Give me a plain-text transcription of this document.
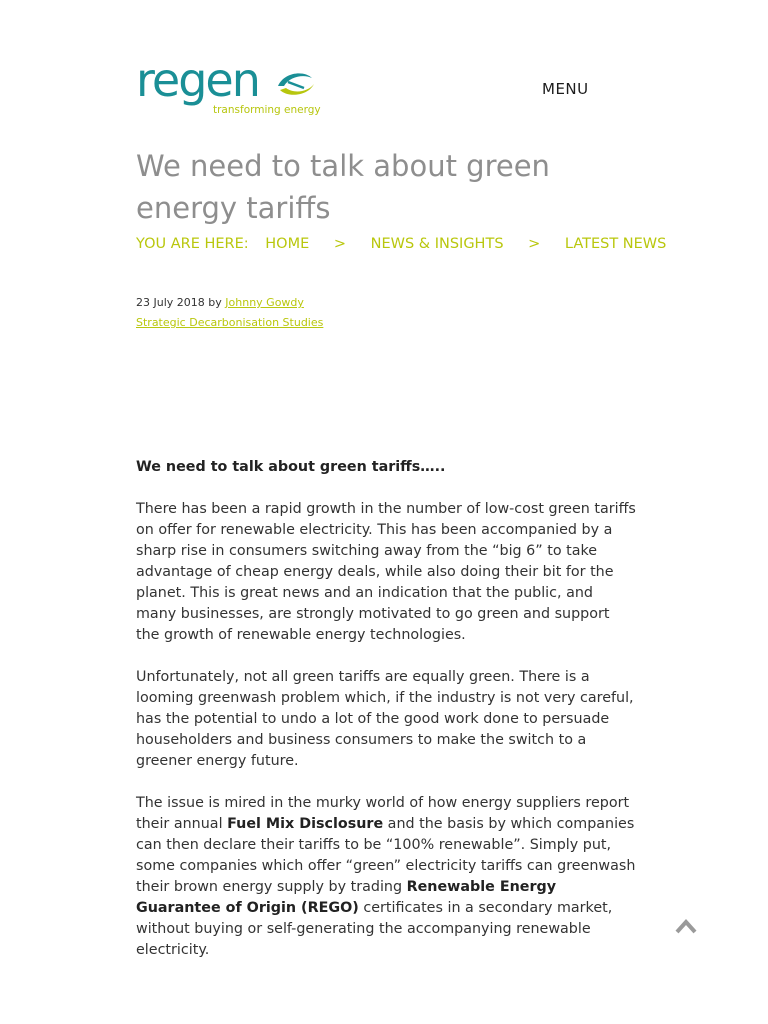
regen
transforming energy
MENU
We need to talk about green energy tariffs
YOU ARE HERE: HOME > NEWS & INSIGHTS > LATEST NEWS
23 July 2018 by Johnny Gowdy
Strategic Decarbonisation Studies

We need to talk about green tariffs…..

There has been a rapid growth in the number of low-cost green tariffs on offer for renewable electricity. This has been accompanied by a sharp rise in consumers switching away from the “big 6” to take advantage of cheap energy deals, while also doing their bit for the planet. This is great news and an indication that the public, and many businesses, are strongly motivated to go green and support the growth of renewable energy technologies.

Unfortunately, not all green tariffs are equally green. There is a looming greenwash problem which, if the industry is not very careful, has the potential to undo a lot of the good work done to persuade householders and business consumers to make the switch to a greener energy future.

The issue is mired in the murky world of how energy suppliers report their annual Fuel Mix Disclosure and the basis by which companies can then declare their tariffs to be “100% renewable”. Simply put, some companies which offer “green” electricity tariffs can greenwash their brown energy supply by trading Renewable Energy Guarantee of Origin (REGO) certificates in a secondary market, without buying or self-generating the accompanying renewable electricity.
